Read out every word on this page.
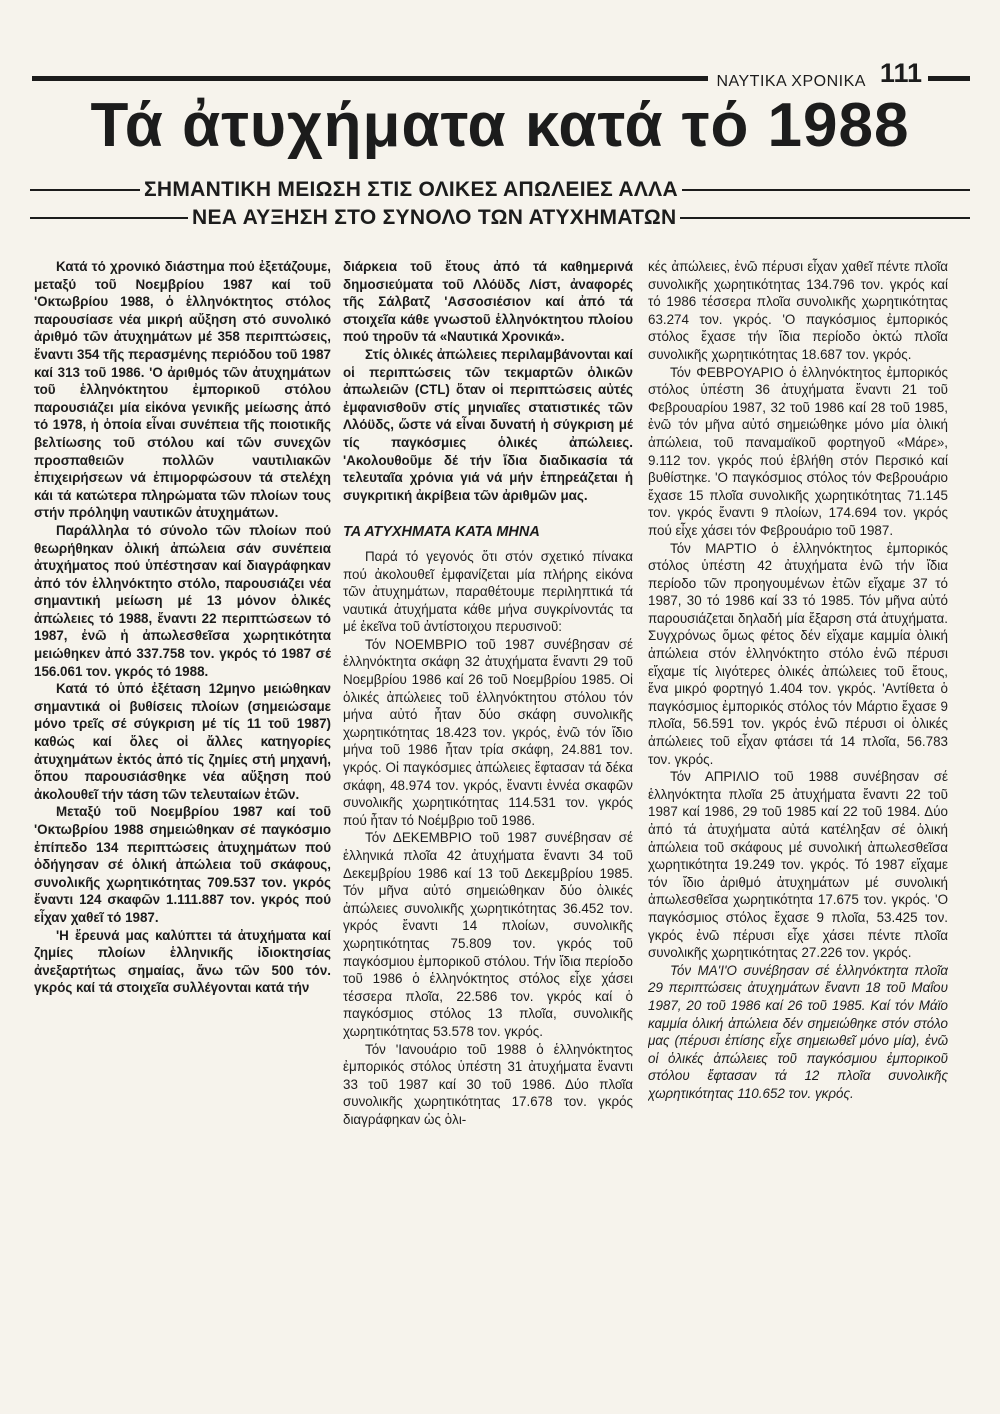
ΝΑΥΤΙΚΑ ΧΡΟΝΙΚΑ 111
Τά ἀτυχήματα κατά τό 1988
ΣΗΜΑΝΤΙΚΗ ΜΕΙΩΣΗ ΣΤΙΣ ΟΛΙΚΕΣ ΑΠΩΛΕΙΕΣ ΑΛΛΑ
ΝΕΑ ΑΥΞΗΣΗ ΣΤΟ ΣΥΝΟΛΟ ΤΩΝ ΑΤΥΧΗΜΑΤΩΝ

Κατά τό χρονικό διάστημα πού ἐξετάζουμε, μεταξύ τοῦ Νοεμβρίου 1987 καί τοῦ 'Οκτωβρίου 1988, ὁ ἑλληνόκτητος στόλος παρουσίασε νέα μικρή αὔξηση στό συνολικό ἀριθμό τῶν ἀτυχημάτων μέ 358 περιπτώσεις, ἔναντι 354 τῆς περασμένης περιόδου τοῦ 1987 καί 313 τοῦ 1986. 'Ο ἀριθμός τῶν ἀτυχημάτων τοῦ ἑλληνόκτητου ἐμπορικοῦ στόλου παρουσιάζει μία εἰκόνα γενικῆς μείωσης ἀπό τό 1978, ἡ ὁποία εἶναι συνέπεια τῆς ποιοτικῆς βελτίωσης τοῦ στόλου καί τῶν συνεχῶν προσπαθειῶν πολλῶν ναυτιλιακῶν ἐπιχειρήσεων νά ἐπιμορφώσουν τά στελέχη κάι τά κατώτερα πληρώματα τῶν πλοίων τους στήν πρόληψη ναυτικῶν ἀτυχημάτων.

Παράλληλα τό σύνολο τῶν πλοίων πού θεωρήθηκαν ὁλική ἀπώλεια σάν συνέπεια ἀτυχήματος πού ὑπέστησαν καί διαγράφηκαν ἀπό τόν ἑλληνόκτητο στόλο, παρουσιάζει νέα σημαντική μείωση μέ 13 μόνον ὁλικές ἀπώλειες τό 1988, ἔναντι 22 περιπτώσεων τό 1987, ἐνῶ ἡ ἀπωλεσθεῖσα χωρητικότητα μειώθηκεν ἀπό 337.758 τον. γκρός τό 1987 σέ 156.061 τον. γκρός τό 1988.

Κατά τό ὑπό ἐξέταση 12μηνο μειώθηκαν σημαντικά οἱ βυθίσεις πλοίων (σημειώσαμε μόνο τρεῖς σέ σύγκριση μέ τίς 11 τοῦ 1987) καθώς καί ὅλες οἱ ἄλλες κατηγορίες ἀτυχημάτων ἐκτός ἀπό τίς ζημίες στή μηχανή, ὅπου παρουσιάσθηκε νέα αὔξηση πού ἀκολουθεῖ τήν τάση τῶν τελευταίων ἐτῶν.

Μεταξύ τοῦ Νοεμβρίου 1987 καί τοῦ 'Οκτωβρίου 1988 σημειώθηκαν σέ παγκόσμιο ἐπίπεδο 134 περιπτώσεις ἀτυχημάτων πού ὁδήγησαν σέ ὁλική ἀπώλεια τοῦ σκάφους, συνολικῆς χωρητικότητας 709.537 τον. γκρός ἔναντι 124 σκαφῶν 1.111.887 τον. γκρός πού εἶχαν χαθεῖ τό 1987.

'Η ἔρευνά μας καλύπτει τά ἀτυχήματα καί ζημίες πλοίων ἑλληνικῆς ἰδιοκτησίας ἀνεξαρτήτως σημαίας, ἄνω τῶν 500 τόν. γκρός καί τά στοιχεῖα συλλέγονται κατά τήν

διάρκεια τοῦ ἔτους ἀπό τά καθημερινά δημοσιεύματα τοῦ Λλόϋδς Λίστ, ἀναφορές τῆς Σάλβατζ 'Ασσοσιέσιον καί ἀπό τά στοιχεῖα κάθε γνωστοῦ ἑλληνόκτητου πλοίου πού τηροῦν τά «Ναυτικά Χρονικά».

Στίς ὁλικές ἀπώλειες περιλαμβάνονται καί οἱ περιπτώσεις τῶν τεκμαρτῶν ὁλικῶν ἀπωλειῶν (CTL) ὅταν οἱ περιπτώσεις αὐτές ἐμφανισθοῦν στίς μηνιαῖες στατιστικές τῶν Λλόϋδς, ὥστε νά εἶναι δυνατή ἡ σύγκριση μέ τίς παγκόσμιες ὁλικές ἀπώλειες. 'Ακολουθοῦμε δέ τήν ἴδια διαδικασία τά τελευταῖα χρόνια γιά νά μήν ἐπηρεάζεται ἡ συγκριτική ἀκρίβεια τῶν ἀριθμῶν μας.

ΤΑ ΑΤΥΧΗΜΑΤΑ ΚΑΤΑ ΜΗΝΑ

Παρά τό γεγονός ὅτι στόν σχετικό πίνακα πού ἀκολουθεῖ ἐμφανίζεται μία πλήρης εἰκόνα τῶν ἀτυχημάτων, παραθέτουμε περιληπτικά τά ναυτικά ἀτυχήματα κάθε μήνα συγκρίνοντάς τα μέ ἐκεῖνα τοῦ ἀντίστοιχου περυσινοῦ:

Τόν ΝΟΕΜΒΡΙΟ τοῦ 1987 συνέβησαν σέ ἑλληνόκτητα σκάφη 32 ἀτυχήματα ἔναντι 29 τοῦ Νοεμβρίου 1986 καί 26 τοῦ Νοεμβρίου 1985. Οἱ ὁλικές ἀπώλειες τοῦ ἑλληνόκτητου στόλου τόν μήνα αὐτό ἦταν δύο σκάφη συνολικῆς χωρητικότητας 18.423 τον. γκρός, ἐνῶ τόν ἴδιο μήνα τοῦ 1986 ἦταν τρία σκάφη, 24.881 τον. γκρός. Οἱ παγκόσμιες ἀπώλειες ἔφτασαν τά δέκα σκάφη, 48.974 τον. γκρός, ἔναντι ἐννέα σκαφῶν συνολικῆς χωρητικότητας 114.531 τον. γκρός πού ἦταν τό Νοέμβριο τοῦ 1986.

Τόν ΔΕΚΕΜΒΡΙΟ τοῦ 1987 συνέβησαν σέ ἑλληνικά πλοῖα 42 ἀτυχήματα ἔναντι 34 τοῦ Δεκεμβρίου 1986 καί 13 τοῦ Δεκεμβρίου 1985. Τόν μῆνα αὐτό σημειώθηκαν δύο ὁλικές ἀπώλειες συνολικῆς χωρητικότητας 36.452 τον. γκρός ἔναντι 14 πλοίων, συνολικῆς χωρητικότητας 75.809 τον. γκρός τοῦ παγκόσμιου ἐμπορικοῦ στόλου. Τήν ἴδια περίοδο τοῦ 1986 ὁ ἑλληνόκτητος στόλος εἶχε χάσει τέσσερα πλοῖα, 22.586 τον. γκρός καί ὁ παγκόσμιος στόλος 13 πλοῖα, συνολικῆς χωρητικότητας 53.578 τον. γκρός.

Τόν 'Ιανουάριο τοῦ 1988 ὁ ἑλληνόκτητος ἐμπορικός στόλος ὑπέστη 31 ἀτυχήματα ἔναντι 33 τοῦ 1987 καί 30 τοῦ 1986. Δύο πλοῖα συνολικῆς χωρητικότητας 17.678 τον. γκρός διαγράφηκαν ὡς ὁλι-

κές ἀπώλειες, ἐνῶ πέρυσι εἶχαν χαθεῖ πέντε πλοῖα συνολικῆς χωρητικότητας 134.796 τον. γκρός καί τό 1986 τέσσερα πλοῖα συνολικῆς χωρητικότητας 63.274 τον. γκρός. 'Ο παγκόσμιος ἐμπορικός στόλος ἔχασε τήν ἴδια περίοδο ὀκτώ πλοῖα συνολικῆς χωρητικότητας 18.687 τον. γκρός.

Τόν ΦΕΒΡΟΥΑΡΙΟ ὁ ἑλληνόκτητος ἐμπορικός στόλος ὑπέστη 36 ἀτυχήματα ἔναντι 21 τοῦ Φεβρουαρίου 1987, 32 τοῦ 1986 καί 28 τοῦ 1985, ἐνῶ τόν μῆνα αὐτό σημειώθηκε μόνο μία ὁλική ἀπώλεια, τοῦ παναμαϊκοῦ φορτηγοῦ «Μάρε», 9.112 τον. γκρός πού ἐβλήθη στόν Περσικό καί βυθίστηκε. 'Ο παγκόσμιος στόλος τόν Φεβρουάριο ἔχασε 15 πλοῖα συνολικῆς χωρητικότητας 71.145 τον. γκρός ἔναντι 9 πλοίων, 174.694 τον. γκρός πού εἶχε χάσει τόν Φεβρουάριο τοῦ 1987.

Τόν ΜΑΡΤΙΟ ὁ ἑλληνόκτητος ἐμπορικός στόλος ὑπέστη 42 ἀτυχήματα ἐνῶ τήν ἴδια περίοδο τῶν προηγουμένων ἐτῶν εἴχαμε 37 τό 1987, 30 τό 1986 καί 33 τό 1985. Τόν μῆνα αὐτό παρουσιάζεται δηλαδή μία ἔξαρση στά ἀτυχήματα. Συγχρόνως ὅμως φέτος δέν εἴχαμε καμμία ὁλική ἀπώλεια στόν ἑλληνόκτητο στόλο ἐνῶ πέρυσι εἴχαμε τίς λιγότερες ὁλικές ἀπώλειες τοῦ ἔτους, ἕνα μικρό φορτηγό 1.404 τον. γκρός. 'Αντίθετα ὁ παγκόσμιος ἐμπορικός στόλος τόν Μάρτιο ἔχασε 9 πλοῖα, 56.591 τον. γκρός ἐνῶ πέρυσι οἱ ὁλικές ἀπώλειες τοῦ εἶχαν φτάσει τά 14 πλοῖα, 56.783 τον. γκρός.

Τόν ΑΠΡΙΛΙΟ τοῦ 1988 συνέβησαν σέ ἑλληνόκτητα πλοῖα 25 ἀτυχήματα ἔναντι 22 τοῦ 1987 καί 1986, 29 τοῦ 1985 καί 22 τοῦ 1984. Δύο ἀπό τά ἀτυχήματα αὐτά κατέληξαν σέ ὁλική ἀπώλεια τοῦ σκάφους μέ συνολική ἀπωλεσθεῖσα χωρητικότητα 19.249 τον. γκρός. Τό 1987 εἴχαμε τόν ἴδιο ἀριθμό ἀτυχημάτων μέ συνολική ἀπωλεσθεῖσα χωρητικότητα 17.675 τον. γκρός. 'Ο παγκόσμιος στόλος ἔχασε 9 πλοῖα, 53.425 τον. γκρός ἐνῶ πέρυσι εἶχε χάσει πέντε πλοῖα συνολικῆς χωρητικότητας 27.226 τον. γκρός.

Τόν ΜΑ'Ι'Ο συνέβησαν σέ ἑλληνόκτητα πλοῖα 29 περιπτώσεις ἀτυχημάτων ἔναντι 18 τοῦ Μαΐου 1987, 20 τοῦ 1986 καί 26 τοῦ 1985. Καί τόν Μάϊο καμμία ὁλική ἀπώλεια δέν σημειώθηκε στόν στόλο μας (πέρυσι ἐπίσης εἶχε σημειωθεῖ μόνο μία), ἐνῶ οἱ ὁλικές ἀπώλειες τοῦ παγκόσμιου ἐμπορικοῦ στόλου ἔφτασαν τά 12 πλοῖα συνολικῆς χωρητικότητας 110.652 τον. γκρός.
